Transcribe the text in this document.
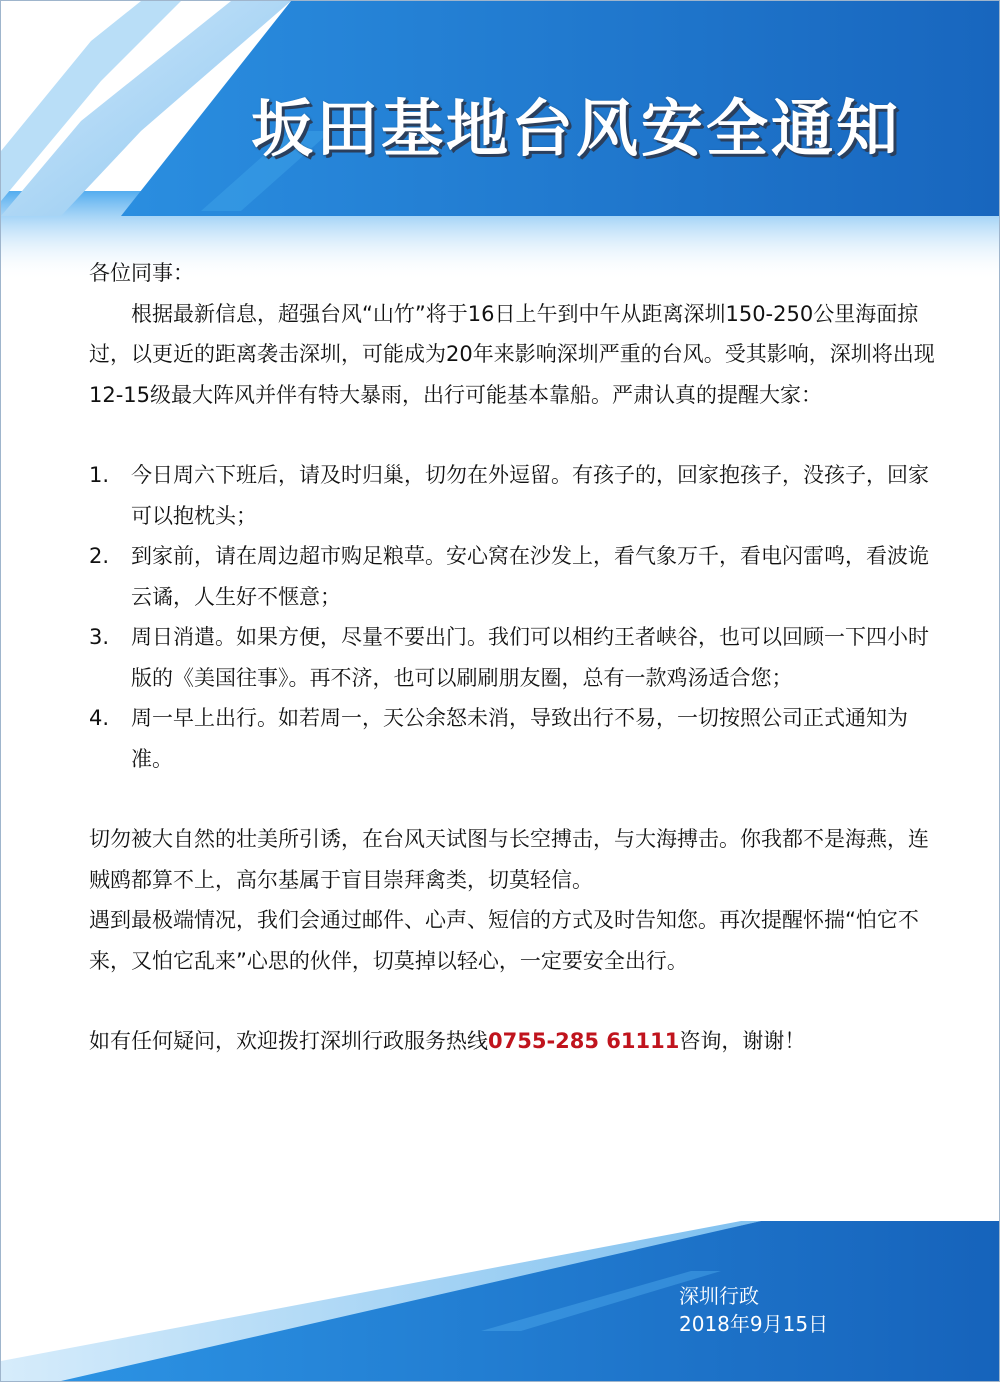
坂田基地台风安全通知

各位同事：

根据最新信息，超强台风“山竹”将于16日上午到中午从距离深圳150-250公里海面掠过，以更近的距离袭击深圳，可能成为20年来影响深圳严重的台风。受其影响，深圳将出现12-15级最大阵风并伴有特大暴雨，出行可能基本靠船。严肃认真的提醒大家：

1.	今日周六下班后，请及时归巢，切勿在外逗留。有孩子的，回家抱孩子，没孩子，回家可以抱枕头；
2.	到家前，请在周边超市购足粮草。安心窝在沙发上，看气象万千，看电闪雷鸣，看波诡云谲，人生好不惬意；
3.	周日消遣。如果方便，尽量不要出门。我们可以相约王者峡谷，也可以回顾一下四小时版的《美国往事》。再不济，也可以刷刷朋友圈，总有一款鸡汤适合您；
4.	周一早上出行。如若周一，天公余怒未消，导致出行不易，一切按照公司正式通知为准。

切勿被大自然的壮美所引诱，在台风天试图与长空搏击，与大海搏击。你我都不是海燕，连贼鸥都算不上，高尔基属于盲目崇拜禽类，切莫轻信。

遇到最极端情况，我们会通过邮件、心声、短信的方式及时告知您。再次提醒怀揣“怕它不来，又怕它乱来”心思的伙伴，切莫掉以轻心，一定要安全出行。

如有任何疑问，欢迎拨打深圳行政服务热线0755-285 61111咨询，谢谢！

深圳行政
2018年9月15日
